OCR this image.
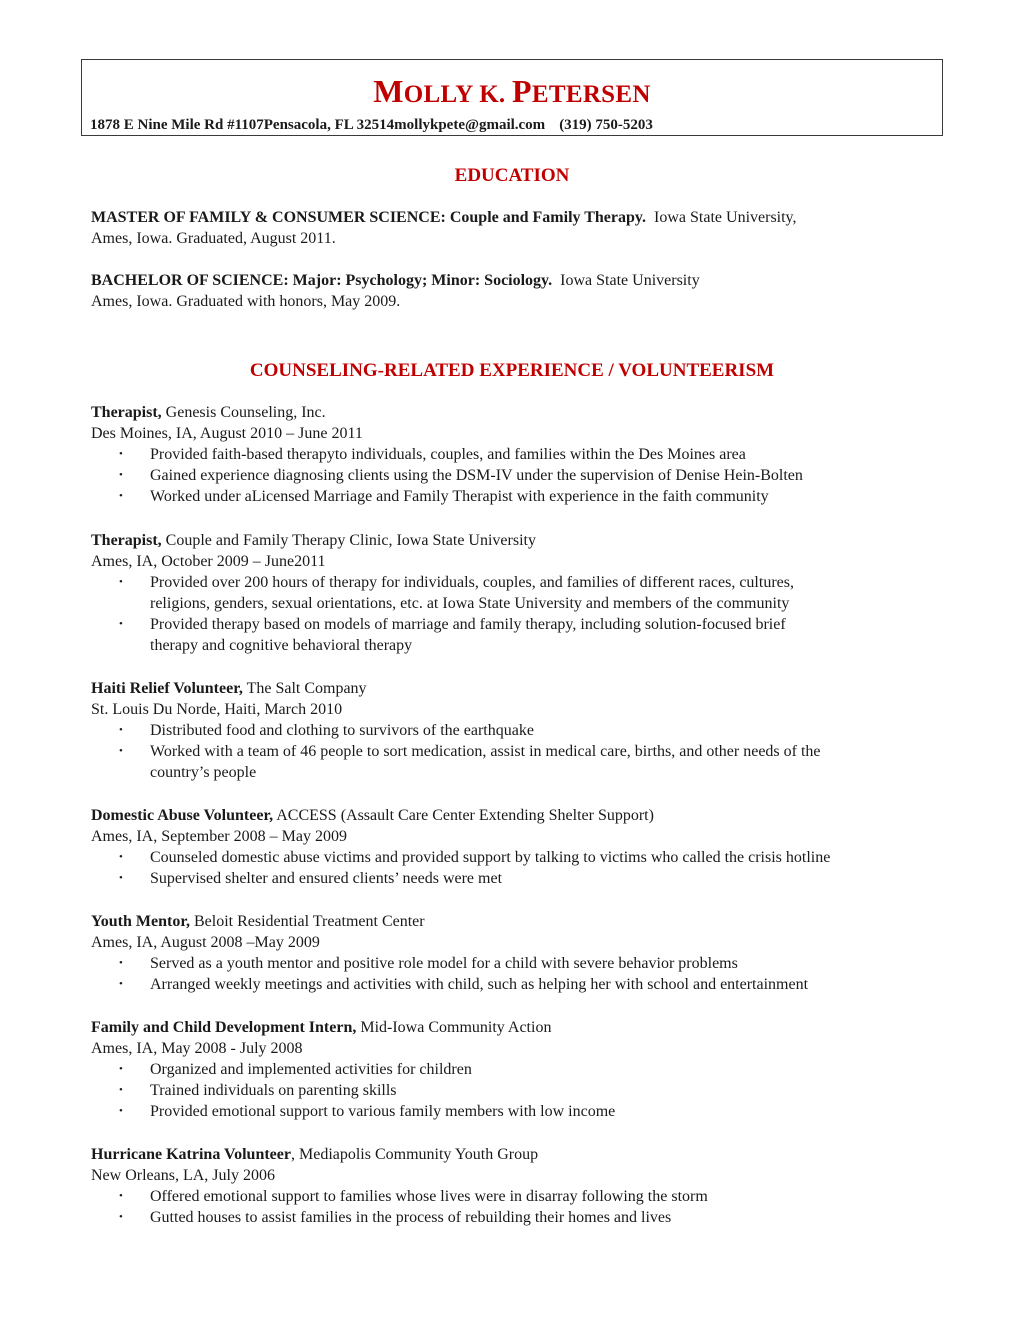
MOLLY K. PETERSEN
1878 E Nine Mile Rd #1107Pensacola, FL 32514mollykpete@gmail.com (319) 750-5203
EDUCATION
MASTER OF FAMILY & CONSUMER SCIENCE: Couple and Family Therapy. Iowa State University,
Ames, Iowa. Graduated, August 2011.
BACHELOR OF SCIENCE: Major: Psychology; Minor: Sociology. Iowa State University
Ames, Iowa. Graduated with honors, May 2009.
COUNSELING-RELATED EXPERIENCE / VOLUNTEERISM
Therapist, Genesis Counseling, Inc.
Des Moines, IA, August 2010 – June 2011
• Provided faith-based therapyto individuals, couples, and families within the Des Moines area
• Gained experience diagnosing clients using the DSM-IV under the supervision of Denise Hein-Bolten
• Worked under aLicensed Marriage and Family Therapist with experience in the faith community
Therapist, Couple and Family Therapy Clinic, Iowa State University
Ames, IA, October 2009 – June2011
• Provided over 200 hours of therapy for individuals, couples, and families of different races, cultures,
religions, genders, sexual orientations, etc. at Iowa State University and members of the community
• Provided therapy based on models of marriage and family therapy, including solution-focused brief
therapy and cognitive behavioral therapy
Haiti Relief Volunteer, The Salt Company
St. Louis Du Norde, Haiti, March 2010
• Distributed food and clothing to survivors of the earthquake
• Worked with a team of 46 people to sort medication, assist in medical care, births, and other needs of the
country’s people
Domestic Abuse Volunteer, ACCESS (Assault Care Center Extending Shelter Support)
Ames, IA, September 2008 – May 2009
• Counseled domestic abuse victims and provided support by talking to victims who called the crisis hotline
• Supervised shelter and ensured clients’ needs were met
Youth Mentor, Beloit Residential Treatment Center
Ames, IA, August 2008 –May 2009
• Served as a youth mentor and positive role model for a child with severe behavior problems
• Arranged weekly meetings and activities with child, such as helping her with school and entertainment
Family and Child Development Intern, Mid-Iowa Community Action
Ames, IA, May 2008 - July 2008
• Organized and implemented activities for children
• Trained individuals on parenting skills
• Provided emotional support to various family members with low income
Hurricane Katrina Volunteer, Mediapolis Community Youth Group
New Orleans, LA, July 2006
• Offered emotional support to families whose lives were in disarray following the storm
• Gutted houses to assist families in the process of rebuilding their homes and lives
